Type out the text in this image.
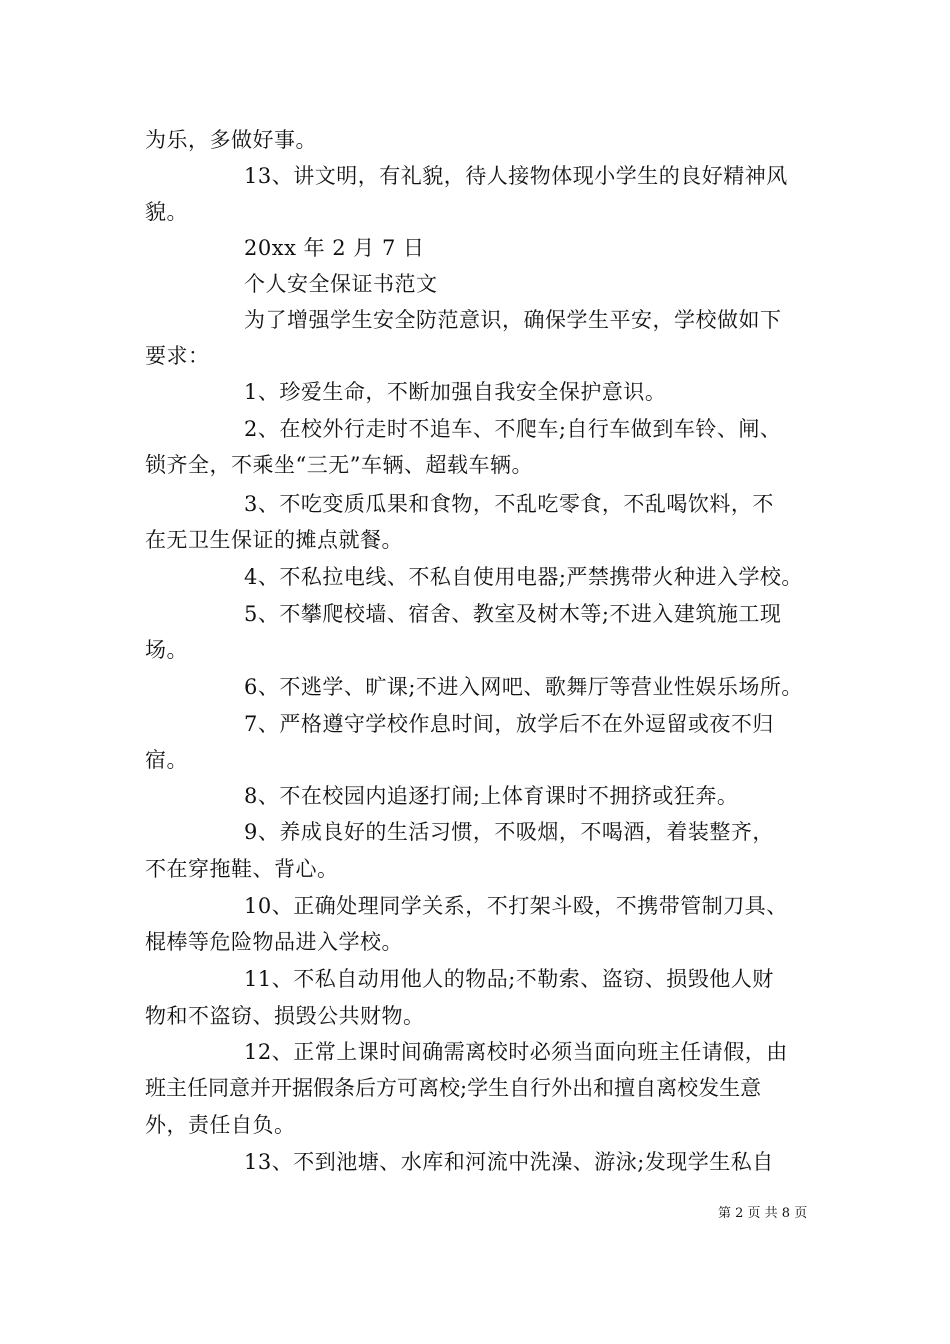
为乐，多做好事。
13、讲文明，有礼貌，待人接物体现小学生的良好精神风
貌。
20xx 年 2 月 7 日
个人安全保证书范文
为了增强学生安全防范意识，确保学生平安，学校做如下
要求：
1、珍爱生命，不断加强自我安全保护意识。
2、在校外行走时不追车、不爬车;自行车做到车铃、闸、
锁齐全，不乘坐“三无”车辆、超载车辆。
3、不吃变质瓜果和食物，不乱吃零食，不乱喝饮料，不
在无卫生保证的摊点就餐。
4、不私拉电线、不私自使用电器;严禁携带火种进入学校。
5、不攀爬校墙、宿舍、教室及树木等;不进入建筑施工现
场。
6、不逃学、旷课;不进入网吧、歌舞厅等营业性娱乐场所。
7、严格遵守学校作息时间，放学后不在外逗留或夜不归
宿。
8、不在校园内追逐打闹;上体育课时不拥挤或狂奔。
9、养成良好的生活习惯，不吸烟，不喝酒，着装整齐，
不在穿拖鞋、背心。
10、正确处理同学关系，不打架斗殴，不携带管制刀具、
棍棒等危险物品进入学校。
11、不私自动用他人的物品;不勒索、盗窃、损毁他人财
物和不盗窃、损毁公共财物。
12、正常上课时间确需离校时必须当面向班主任请假，由
班主任同意并开据假条后方可离校;学生自行外出和擅自离校发生意
外，责任自负。
13、不到池塘、水库和河流中洗澡、游泳;发现学生私自
第 2 页 共 8 页
